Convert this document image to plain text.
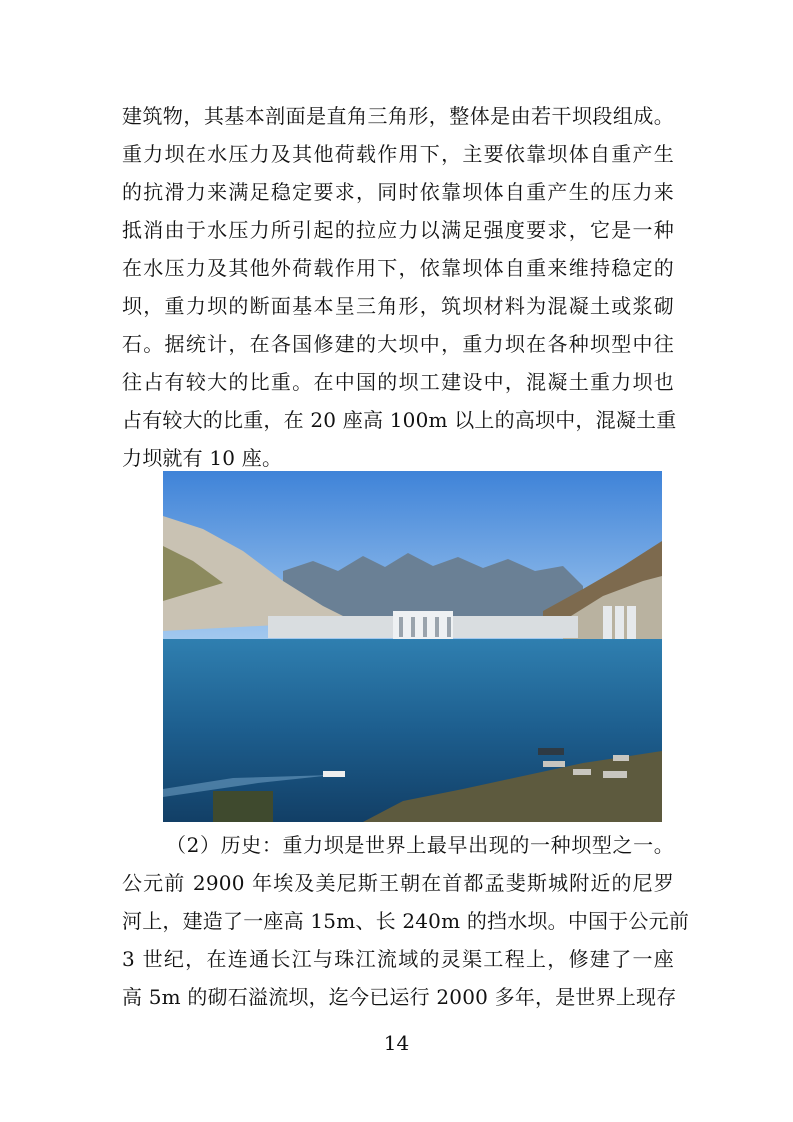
建筑物，其基本剖面是直角三角形，整体是由若干坝段组成。
重力坝在水压力及其他荷载作用下，主要依靠坝体自重产生
的抗滑力来满足稳定要求，同时依靠坝体自重产生的压力来
抵消由于水压力所引起的拉应力以满足强度要求，它是一种
在水压力及其他外荷载作用下，依靠坝体自重来维持稳定的
坝，重力坝的断面基本呈三角形，筑坝材料为混凝土或浆砌
石。据统计，在各国修建的大坝中，重力坝在各种坝型中往
往占有较大的比重。在中国的坝工建设中，混凝土重力坝也
占有较大的比重，在 20 座高 100m 以上的高坝中，混凝土重
力坝就有 10 座。
（2）历史：重力坝是世界上最早出现的一种坝型之一。
公元前 2900 年埃及美尼斯王朝在首都孟斐斯城附近的尼罗
河上，建造了一座高 15m、长 240m 的挡水坝。中国于公元前
3 世纪，在连通长江与珠江流域的灵渠工程上，修建了一座
高 5m 的砌石溢流坝，迄今已运行 2000 多年，是世界上现存
14
